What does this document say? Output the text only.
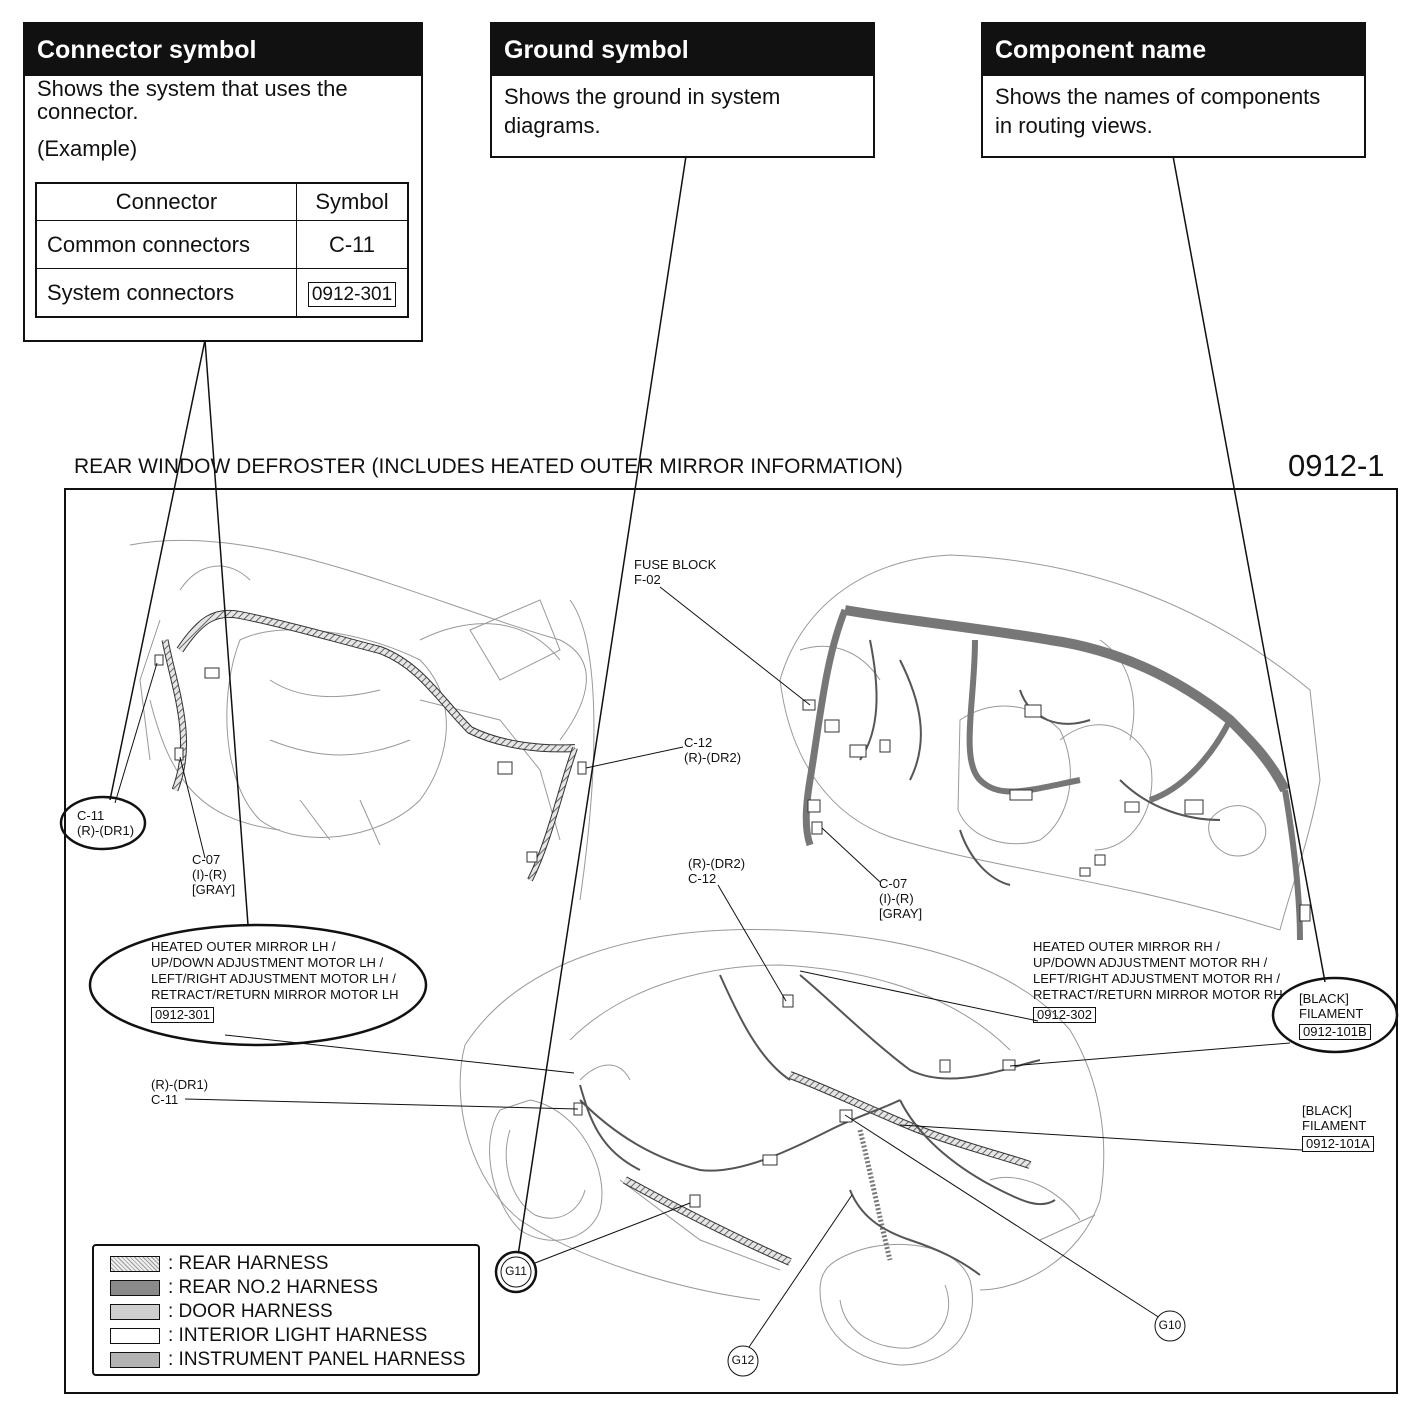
Connector symbol
Shows the system that uses the
connector.
(Example)
Connector	Symbol
Common connectors	C-11
System connectors	0912-301
Ground symbol
Shows the ground in system
diagrams.
Component name
Shows the names of components
in routing views.
REAR WINDOW DEFROSTER (INCLUDES HEATED OUTER MIRROR INFORMATION)	0912-1
C-11
(R)-(DR1)
C-07
(I)-(R)
[GRAY]
C-12
(R)-(DR2)
FUSE BLOCK
F-02
C-07
(I)-(R)
[GRAY]
(R)-(DR2)
C-12
HEATED OUTER MIRROR LH /
UP/DOWN ADJUSTMENT MOTOR LH /
LEFT/RIGHT ADJUSTMENT MOTOR LH /
RETRACT/RETURN MIRROR MOTOR LH
0912-301
HEATED OUTER MIRROR RH /
UP/DOWN ADJUSTMENT MOTOR RH /
LEFT/RIGHT ADJUSTMENT MOTOR RH /
RETRACT/RETURN MIRROR MOTOR RH
0912-302
[BLACK]
FILAMENT
0912-101B
[BLACK]
FILAMENT
0912-101A
(R)-(DR1)
C-11
G11
G10
G12
: REAR HARNESS
: REAR NO.2 HARNESS
: DOOR HARNESS
: INTERIOR LIGHT HARNESS
: INSTRUMENT PANEL HARNESS
